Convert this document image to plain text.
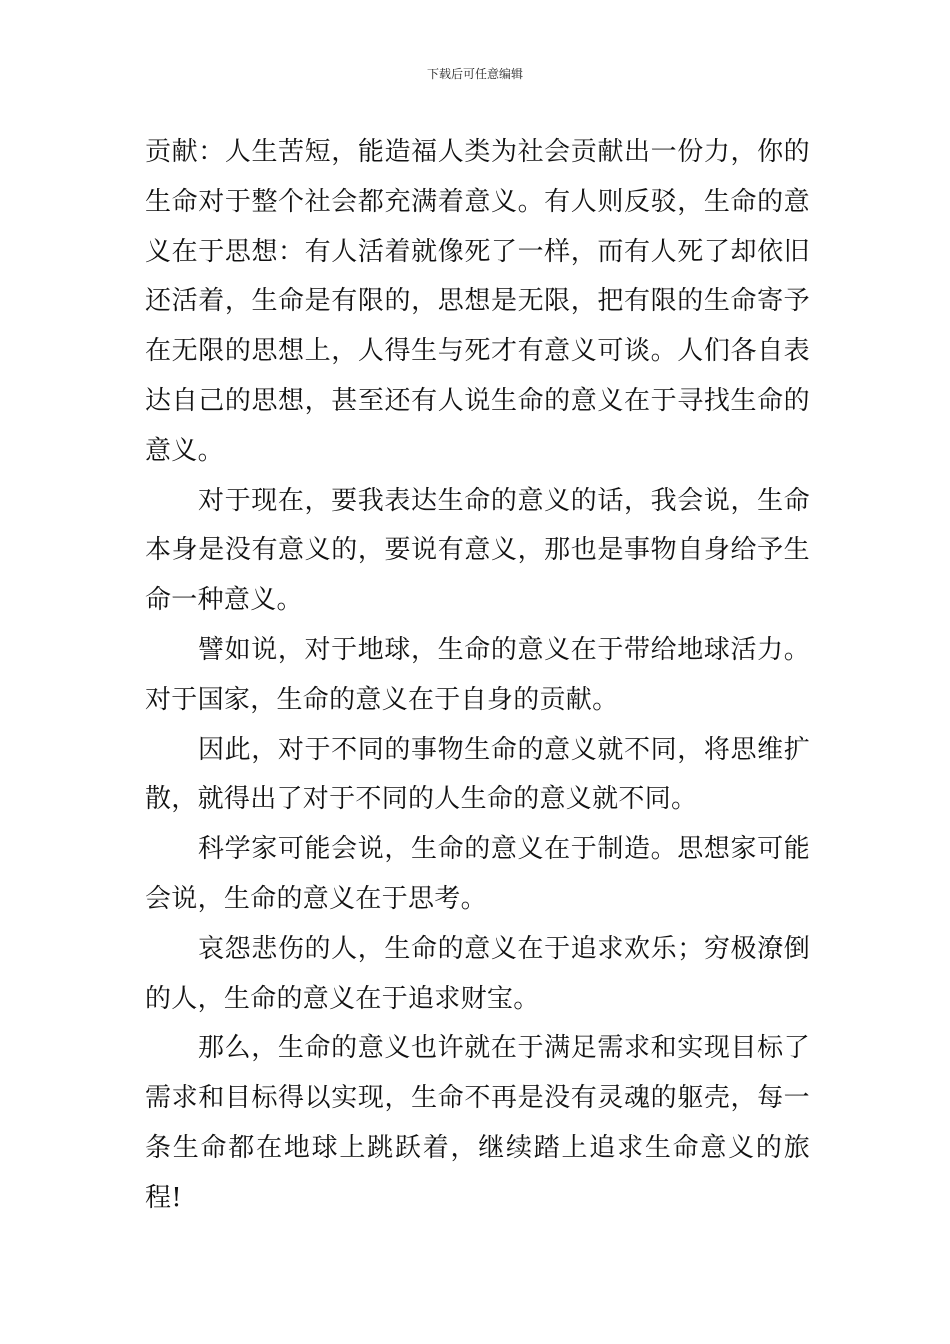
下载后可任意编辑

贡献：人生苦短，能造福人类为社会贡献出一份力，你的生命对于整个社会都充满着意义。有人则反驳，生命的意义在于思想：有人活着就像死了一样，而有人死了却依旧还活着，生命是有限的，思想是无限，把有限的生命寄予在无限的思想上，人得生与死才有意义可谈。人们各自表达自己的思想，甚至还有人说生命的意义在于寻找生命的意义。

对于现在，要我表达生命的意义的话，我会说，生命本身是没有意义的，要说有意义，那也是事物自身给予生命一种意义。

譬如说，对于地球，生命的意义在于带给地球活力。对于国家，生命的意义在于自身的贡献。

因此，对于不同的事物生命的意义就不同，将思维扩散，就得出了对于不同的人生命的意义就不同。

科学家可能会说，生命的意义在于制造。思想家可能会说，生命的意义在于思考。

哀怨悲伤的人，生命的意义在于追求欢乐；穷极潦倒的人，生命的意义在于追求财宝。

那么，生命的意义也许就在于满足需求和实现目标了需求和目标得以实现，生命不再是没有灵魂的躯壳，每一条生命都在地球上跳跃着，继续踏上追求生命意义的旅程!
